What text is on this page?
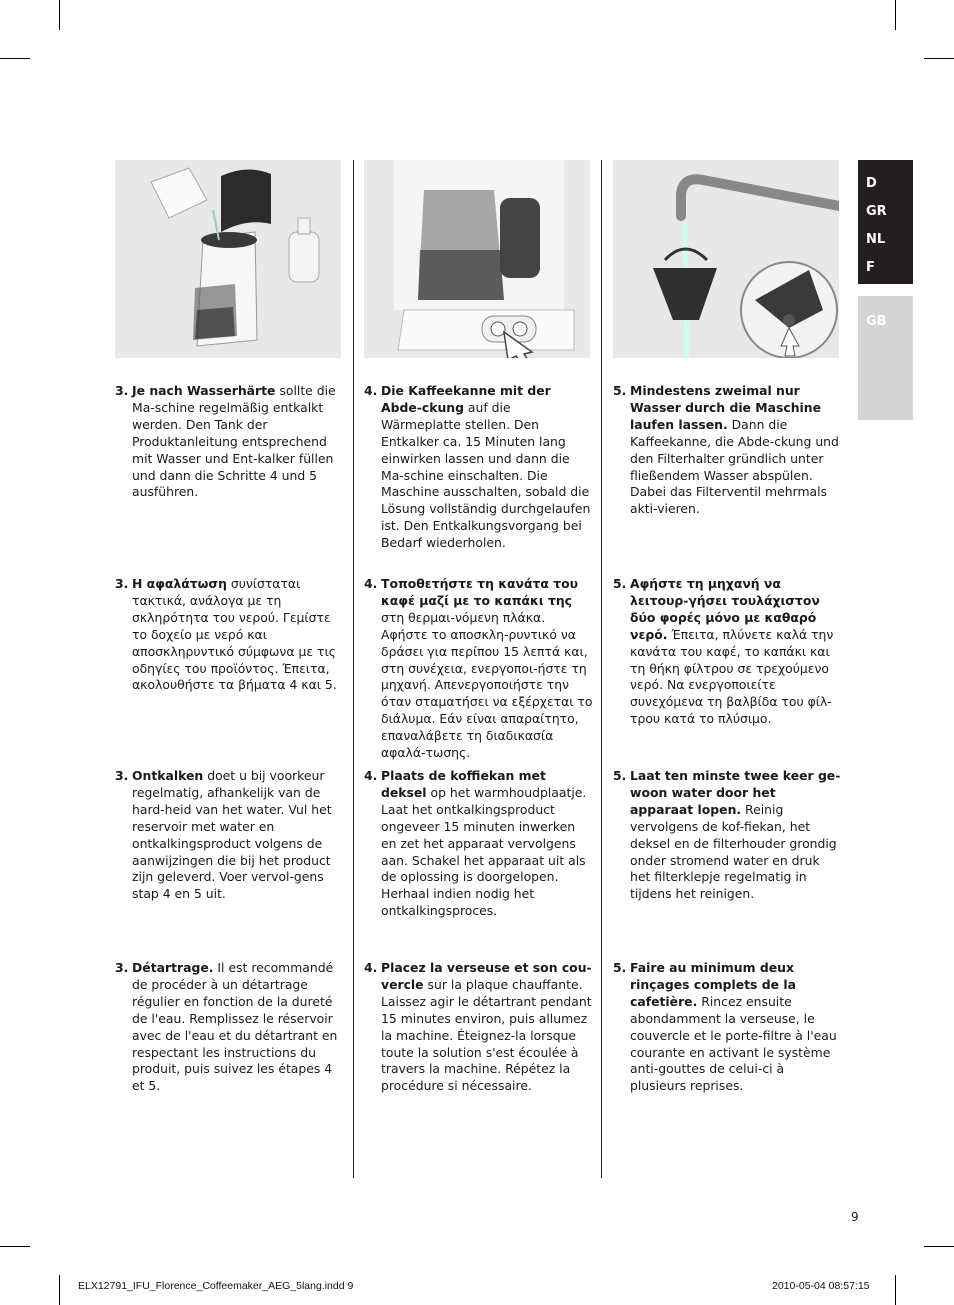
D
GR
NL
F
GB
3. Je nach Wasserhärte sollte die Ma-schine regelmäßig entkalkt werden. Den Tank der Produktanleitung entsprechend mit Wasser und Ent-kalker füllen und dann die Schritte 4 und 5 ausführen.
4. Die Kaffeekanne mit der Abde-ckung auf die Wärmeplatte stellen. Den Entkalker ca. 15 Minuten lang einwirken lassen und dann die Ma-schine einschalten. Die Maschine ausschalten, sobald die Lösung vollständig durchgelaufen ist. Den Entkalkungsvorgang bei Bedarf wiederholen.
5. Mindestens zweimal nur Wasser durch die Maschine laufen lassen. Dann die Kaffeekanne, die Abde-ckung und den Filterhalter gründlich unter fließendem Wasser abspülen. Dabei das Filterventil mehrmals akti-vieren.
3. Η αφαλάτωση συνίσταται τακτικά, ανάλογα με τη σκληρότητα του νερού. Γεμίστε το δοχείο με νερό και αποσκληρυντικό σύμφωνα με τις οδηγίες του προϊόντος. Έπειτα, ακολουθήστε τα βήματα 4 και 5.
4. Τοποθετήστε τη κανάτα του καφέ μαζί με το καπάκι της στη θερμαι-νόμενη πλάκα. Αφήστε το αποσκλη-ρυντικό να δράσει για περίπου 15 λεπτά και, στη συνέχεια, ενεργοποι-ήστε τη μηχανή. Απενεργοποιήστε την όταν σταματήσει να εξέρχεται το διάλυμα. Εάν είναι απαραίτητο, επαναλάβετε τη διαδικασία αφαλά-τωσης.
5. Αφήστε τη μηχανή να λειτουρ-γήσει τουλάχιστον δύο φορές μόνο με καθαρό νερό. Έπειτα, πλύνετε καλά την κανάτα του καφέ, το καπάκι και τη θήκη φίλτρου σε τρεχούμενο νερό. Να ενεργοποιείτε συνεχόμενα τη βαλβίδα του φίλ-τρου κατά το πλύσιμο.
3. Ontkalken doet u bij voorkeur regelmatig, afhankelijk van de hard-heid van het water. Vul het reservoir met water en ontkalkingsproduct volgens de aanwijzingen die bij het product zijn geleverd. Voer vervol-gens stap 4 en 5 uit.
4. Plaats de koffiekan met deksel op het warmhoudplaatje. Laat het ontkalkingsproduct ongeveer 15 minuten inwerken en zet het apparaat vervolgens aan. Schakel het apparaat uit als de oplossing is doorgelopen. Herhaal indien nodig het ontkalkingsproces.
5. Laat ten minste twee keer ge-woon water door het apparaat lopen. Reinig vervolgens de kof-fiekan, het deksel en de filterhouder grondig onder stromend water en druk het filterklepje regelmatig in tijdens het reinigen.
3. Détartrage. Il est recommandé de procéder à un détartrage régulier en fonction de la dureté de l'eau. Remplissez le réservoir avec de l'eau et du détartrant en respectant les instructions du produit, puis suivez les étapes 4 et 5.
4. Placez la verseuse et son cou-vercle sur la plaque chauffante. Laissez agir le détartrant pendant 15 minutes environ, puis allumez la machine. Éteignez-la lorsque toute la solution s'est écoulée à travers la machine. Répétez la procédure si nécessaire.
5. Faire au minimum deux rinçages complets de la cafetière. Rincez ensuite abondamment la verseuse, le couvercle et le porte-filtre à l'eau courante en activant le système anti-gouttes de celui-ci à plusieurs reprises.
9
ELX12791_IFU_Florence_Coffeemaker_AEG_5lang.indd 9	2010-05-04 08:57:15
